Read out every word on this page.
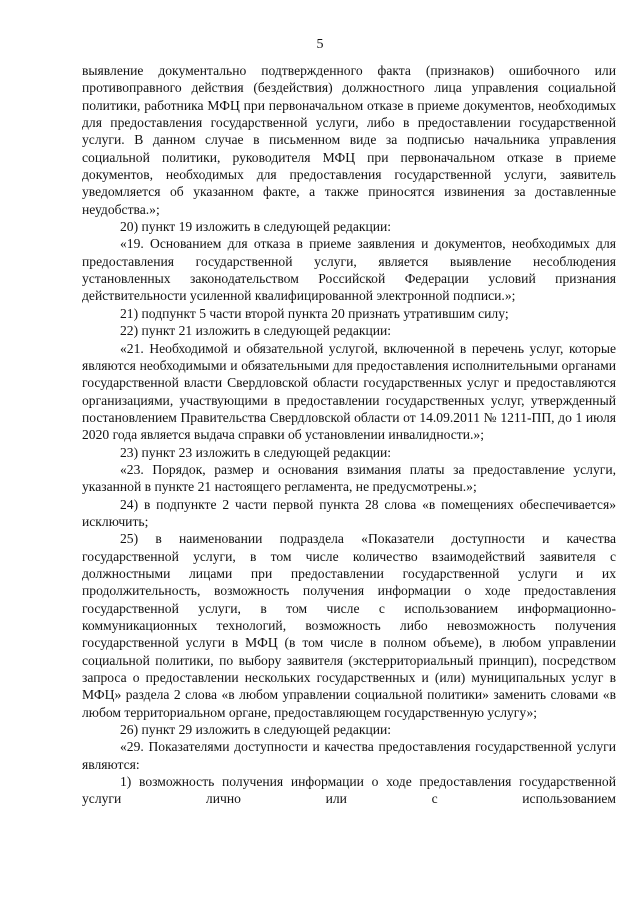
5

выявление документально подтвержденного факта (признаков) ошибочного или противоправного действия (бездействия) должностного лица управления социальной политики, работника МФЦ при первоначальном отказе в приеме документов, необходимых для предоставления государственной услуги, либо в предоставлении государственной услуги. В данном случае в письменном виде за подписью начальника управления социальной политики, руководителя МФЦ при первоначальном отказе в приеме документов, необходимых для предоставления государственной услуги, заявитель уведомляется об указанном факте, а также приносятся извинения за доставленные неудобства.»;

20) пункт 19 изложить в следующей редакции:

«19. Основанием для отказа в приеме заявления и документов, необходимых для предоставления государственной услуги, является выявление несоблюдения установленных законодательством Российской Федерации условий признания действительности усиленной квалифицированной электронной подписи.»;

21) подпункт 5 части второй пункта 20 признать утратившим силу;

22) пункт 21 изложить в следующей редакции:

«21. Необходимой и обязательной услугой, включенной в перечень услуг, которые являются необходимыми и обязательными для предоставления исполнительными органами государственной власти Свердловской области государственных услуг и предоставляются организациями, участвующими в предоставлении государственных услуг, утвержденный постановлением Правительства Свердловской области от 14.09.2011 № 1211-ПП, до 1 июля 2020 года является выдача справки об установлении инвалидности.»;

23) пункт 23 изложить в следующей редакции:

«23. Порядок, размер и основания взимания платы за предоставление услуги, указанной в пункте 21 настоящего регламента, не предусмотрены.»;

24) в подпункте 2 части первой пункта 28 слова «в помещениях обеспечивается» исключить;

25) в наименовании подраздела «Показатели доступности и качества государственной услуги, в том числе количество взаимодействий заявителя с должностными лицами при предоставлении государственной услуги и их продолжительность, возможность получения информации о ходе предоставления государственной услуги, в том числе с использованием информационно-коммуникационных технологий, возможность либо невозможность получения государственной услуги в МФЦ (в том числе в полном объеме), в любом управлении социальной политики, по выбору заявителя (экстерриториальный принцип), посредством запроса о предоставлении нескольких государственных и (или) муниципальных услуг в МФЦ» раздела 2 слова «в любом управлении социальной политики» заменить словами «в любом территориальном органе, предоставляющем государственную услугу»;

26) пункт 29 изложить в следующей редакции:

«29. Показателями доступности и качества предоставления государственной услуги являются:

1) возможность получения информации о ходе предоставления государственной услуги лично или с использованием
